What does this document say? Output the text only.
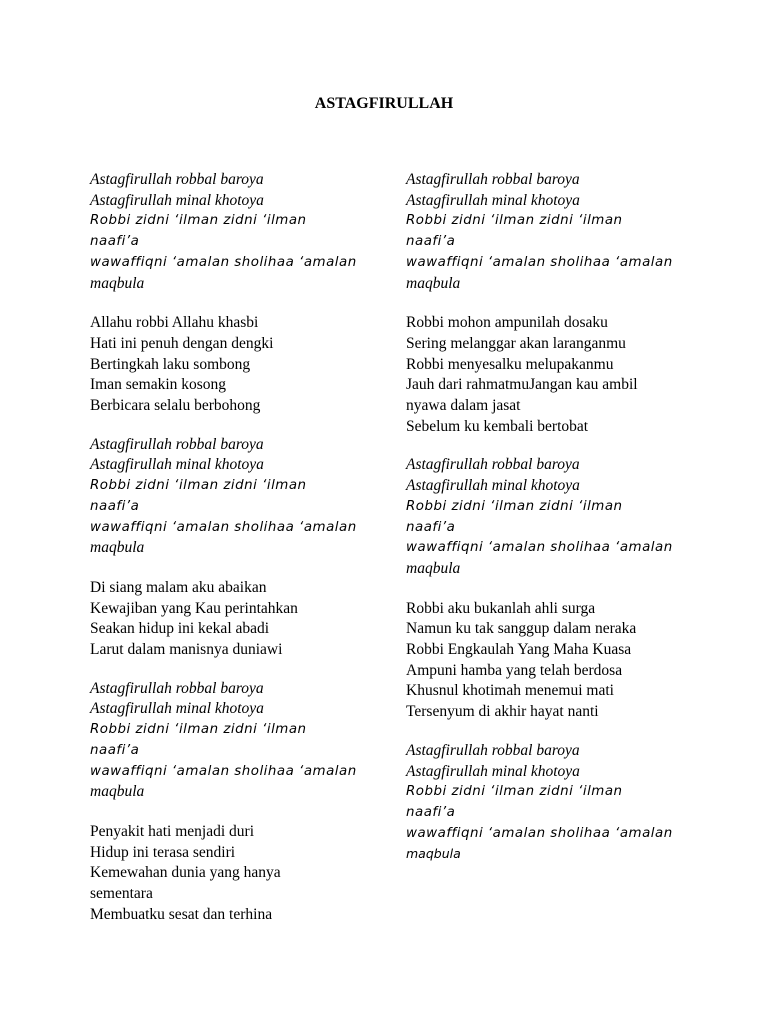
ASTAGFIRULLAH
Astagfirullah robbal baroya
Astagfirullah minal khotoya
Robbi zidni ‘ilman zidni ‘ilman
naafi’a
wawaffiqni ‘amalan sholihaa ‘amalan
maqbula
Allahu robbi Allahu khasbi
Hati ini penuh dengan dengki
Bertingkah laku sombong
Iman semakin kosong
Berbicara selalu berbohong
Astagfirullah robbal baroya
Astagfirullah minal khotoya
Robbi zidni ‘ilman zidni ‘ilman
naafi’a
wawaffiqni ‘amalan sholihaa ‘amalan
maqbula
Di siang malam aku abaikan
Kewajiban yang Kau perintahkan
Seakan hidup ini kekal abadi
Larut dalam manisnya duniawi
Astagfirullah robbal baroya
Astagfirullah minal khotoya
Robbi zidni ‘ilman zidni ‘ilman
naafi’a
wawaffiqni ‘amalan sholihaa ‘amalan
maqbula
Penyakit hati menjadi duri
Hidup ini terasa sendiri
Kemewahan dunia yang hanya
sementara
Membuatku sesat dan terhina
Astagfirullah robbal baroya
Astagfirullah minal khotoya
Robbi zidni ‘ilman zidni ‘ilman
naafi’a
wawaffiqni ‘amalan sholihaa ‘amalan
maqbula
Robbi mohon ampunilah dosaku
Sering melanggar akan laranganmu
Robbi menyesalku melupakanmu
Jauh dari rahmatmuJangan kau ambil
nyawa dalam jasat
Sebelum ku kembali bertobat
Astagfirullah robbal baroya
Astagfirullah minal khotoya
Robbi zidni ‘ilman zidni ‘ilman
naafi’a
wawaffiqni ‘amalan sholihaa ‘amalan
maqbula
Robbi aku bukanlah ahli surga
Namun ku tak sanggup dalam neraka
Robbi Engkaulah Yang Maha Kuasa
Ampuni hamba yang telah berdosa
Khusnul khotimah menemui mati
Tersenyum di akhir hayat nanti
Astagfirullah robbal baroya
Astagfirullah minal khotoya
Robbi zidni ‘ilman zidni ‘ilman
naafi’a
wawaffiqni ‘amalan sholihaa ‘amalan
maqbula
